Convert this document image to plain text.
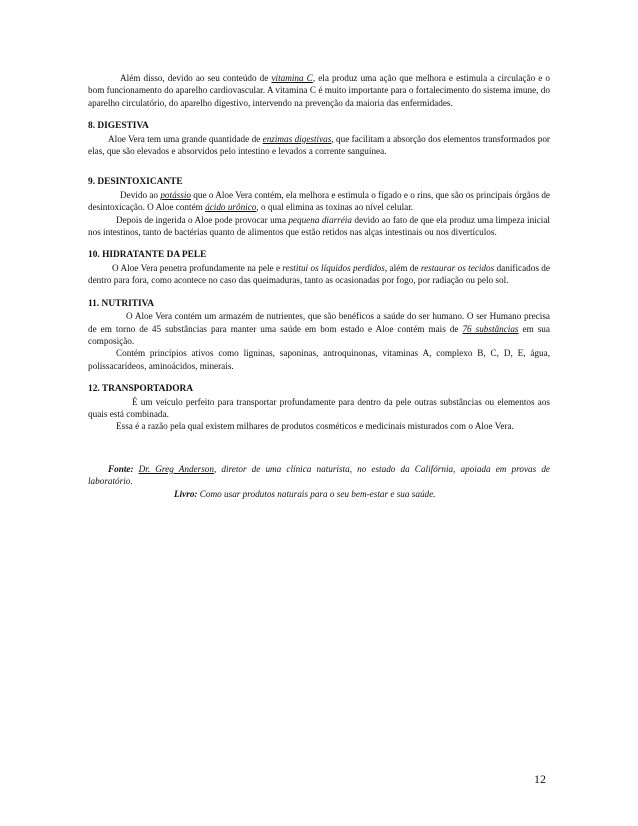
Além disso, devido ao seu conteúdo de vitamina C, ela produz uma ação que melhora e estimula a circulação e o bom funcionamento do aparelho cardiovascular. A vitamina C é muito importante para o fortalecimento do sistema imune, do aparelho circulatório, do aparelho digestivo, intervendo na prevenção da maioria das enfermidades.

8. DIGESTIVA

Aloe Vera tem uma grande quantidade de enzimas digestivas, que facilitam a absorção dos elementos transformados por elas, que são elevados e absorvidos pelo intestino e levados a corrente sanguínea.

9. DESINTOXICANTE

Devido ao potássio que o Aloe Vera contém, ela melhora e estimula o fígado e o rins, que são os principais órgãos de desintoxicação. O Aloe contém ácido urônico, o qual elimina as toxinas ao nível celular.

Depois de ingerida o Aloe pode provocar uma pequena diarréia devido ao fato de que ela produz uma limpeza inicial nos intestinos, tanto de bactérias quanto de alimentos que estão retidos nas alças intestinais ou nos divertículos.

10. HIDRATANTE DA PELE

O Aloe Vera penetra profundamente na pele e restitui os líquidos perdidos, além de restaurar os tecidos danificados de dentro para fora, como acontece no caso das queimaduras, tanto as ocasionadas por fogo, por radiação ou pelo sol.

11. NUTRITIVA

O Aloe Vera contém um armazém de nutrientes, que são benéficos a saúde do ser humano. O ser Humano precisa de em torno de 45 substâncias para manter uma saúde em bom estado e Aloe contém mais de 76 substâncias em sua composição.

Contém princípios ativos como ligninas, saponinas, antroquinonas, vitaminas A, complexo B, C, D, E, água, polissacarídeos, aminoácidos, minerais.

12. TRANSPORTADORA

É um veículo perfeito para transportar profundamente para dentro da pele outras substâncias ou elementos aos quais está combinada.

Essa é a razão pela qual existem milhares de produtos cosméticos e medicinais misturados com o Aloe Vera.

Fonte: Dr. Greg Anderson, diretor de uma clínica naturista, no estado da Califórnia, apoiada em provas de laboratório.

Livro: Como usar produtos naturais para o seu bem-estar e sua saúde.
12
